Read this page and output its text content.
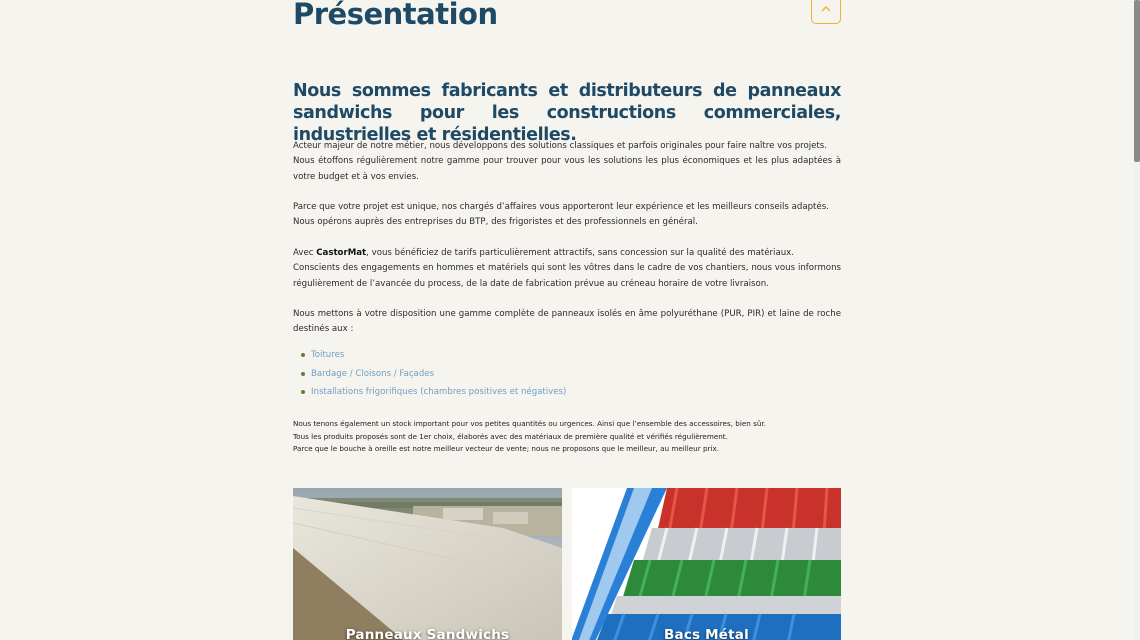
Présentation
Nous sommes fabricants et distributeurs de panneaux sandwichs pour les constructions commerciales, industrielles et résidentielles.

Acteur majeur de notre métier, nous développons des solutions classiques et parfois originales pour faire naître vos projets.

Nous étoffons régulièrement notre gamme pour trouver pour vous les solutions les plus économiques et les plus adaptées à votre budget et à vos envies.

Parce que votre projet est unique, nos chargés d’affaires vous apporteront leur expérience et les meilleurs conseils adaptés.

Nous opérons auprès des entreprises du BTP, des frigoristes et des professionnels en général.

Avec CastorMat, vous bénéficiez de tarifs particulièrement attractifs, sans concession sur la qualité des matériaux.

Conscients des engagements en hommes et matériels qui sont les vôtres dans le cadre de vos chantiers, nous vous informons régulièrement de l’avancée du process, de la date de fabrication prévue au créneau horaire de votre livraison.

Nous mettons à votre disposition une gamme complète de panneaux isolés en âme polyuréthane (PUR, PIR) et laine de roche destinés aux :

Toitures
Bardage / Cloisons / Façades
Installations frigorifiques (chambres positives et négatives)

Nous tenons également un stock important pour vos petites quantités ou urgences. Ainsi que l’ensemble des accessoires, bien sûr.

Tous les produits proposés sont de 1er choix, élaborés avec des matériaux de première qualité et vérifiés régulièrement.

Parce que le bouche à oreille est notre meilleur vecteur de vente; nous ne proposons que le meilleur, au meilleur prix.

Panneaux Sandwichs	Bacs Métal
